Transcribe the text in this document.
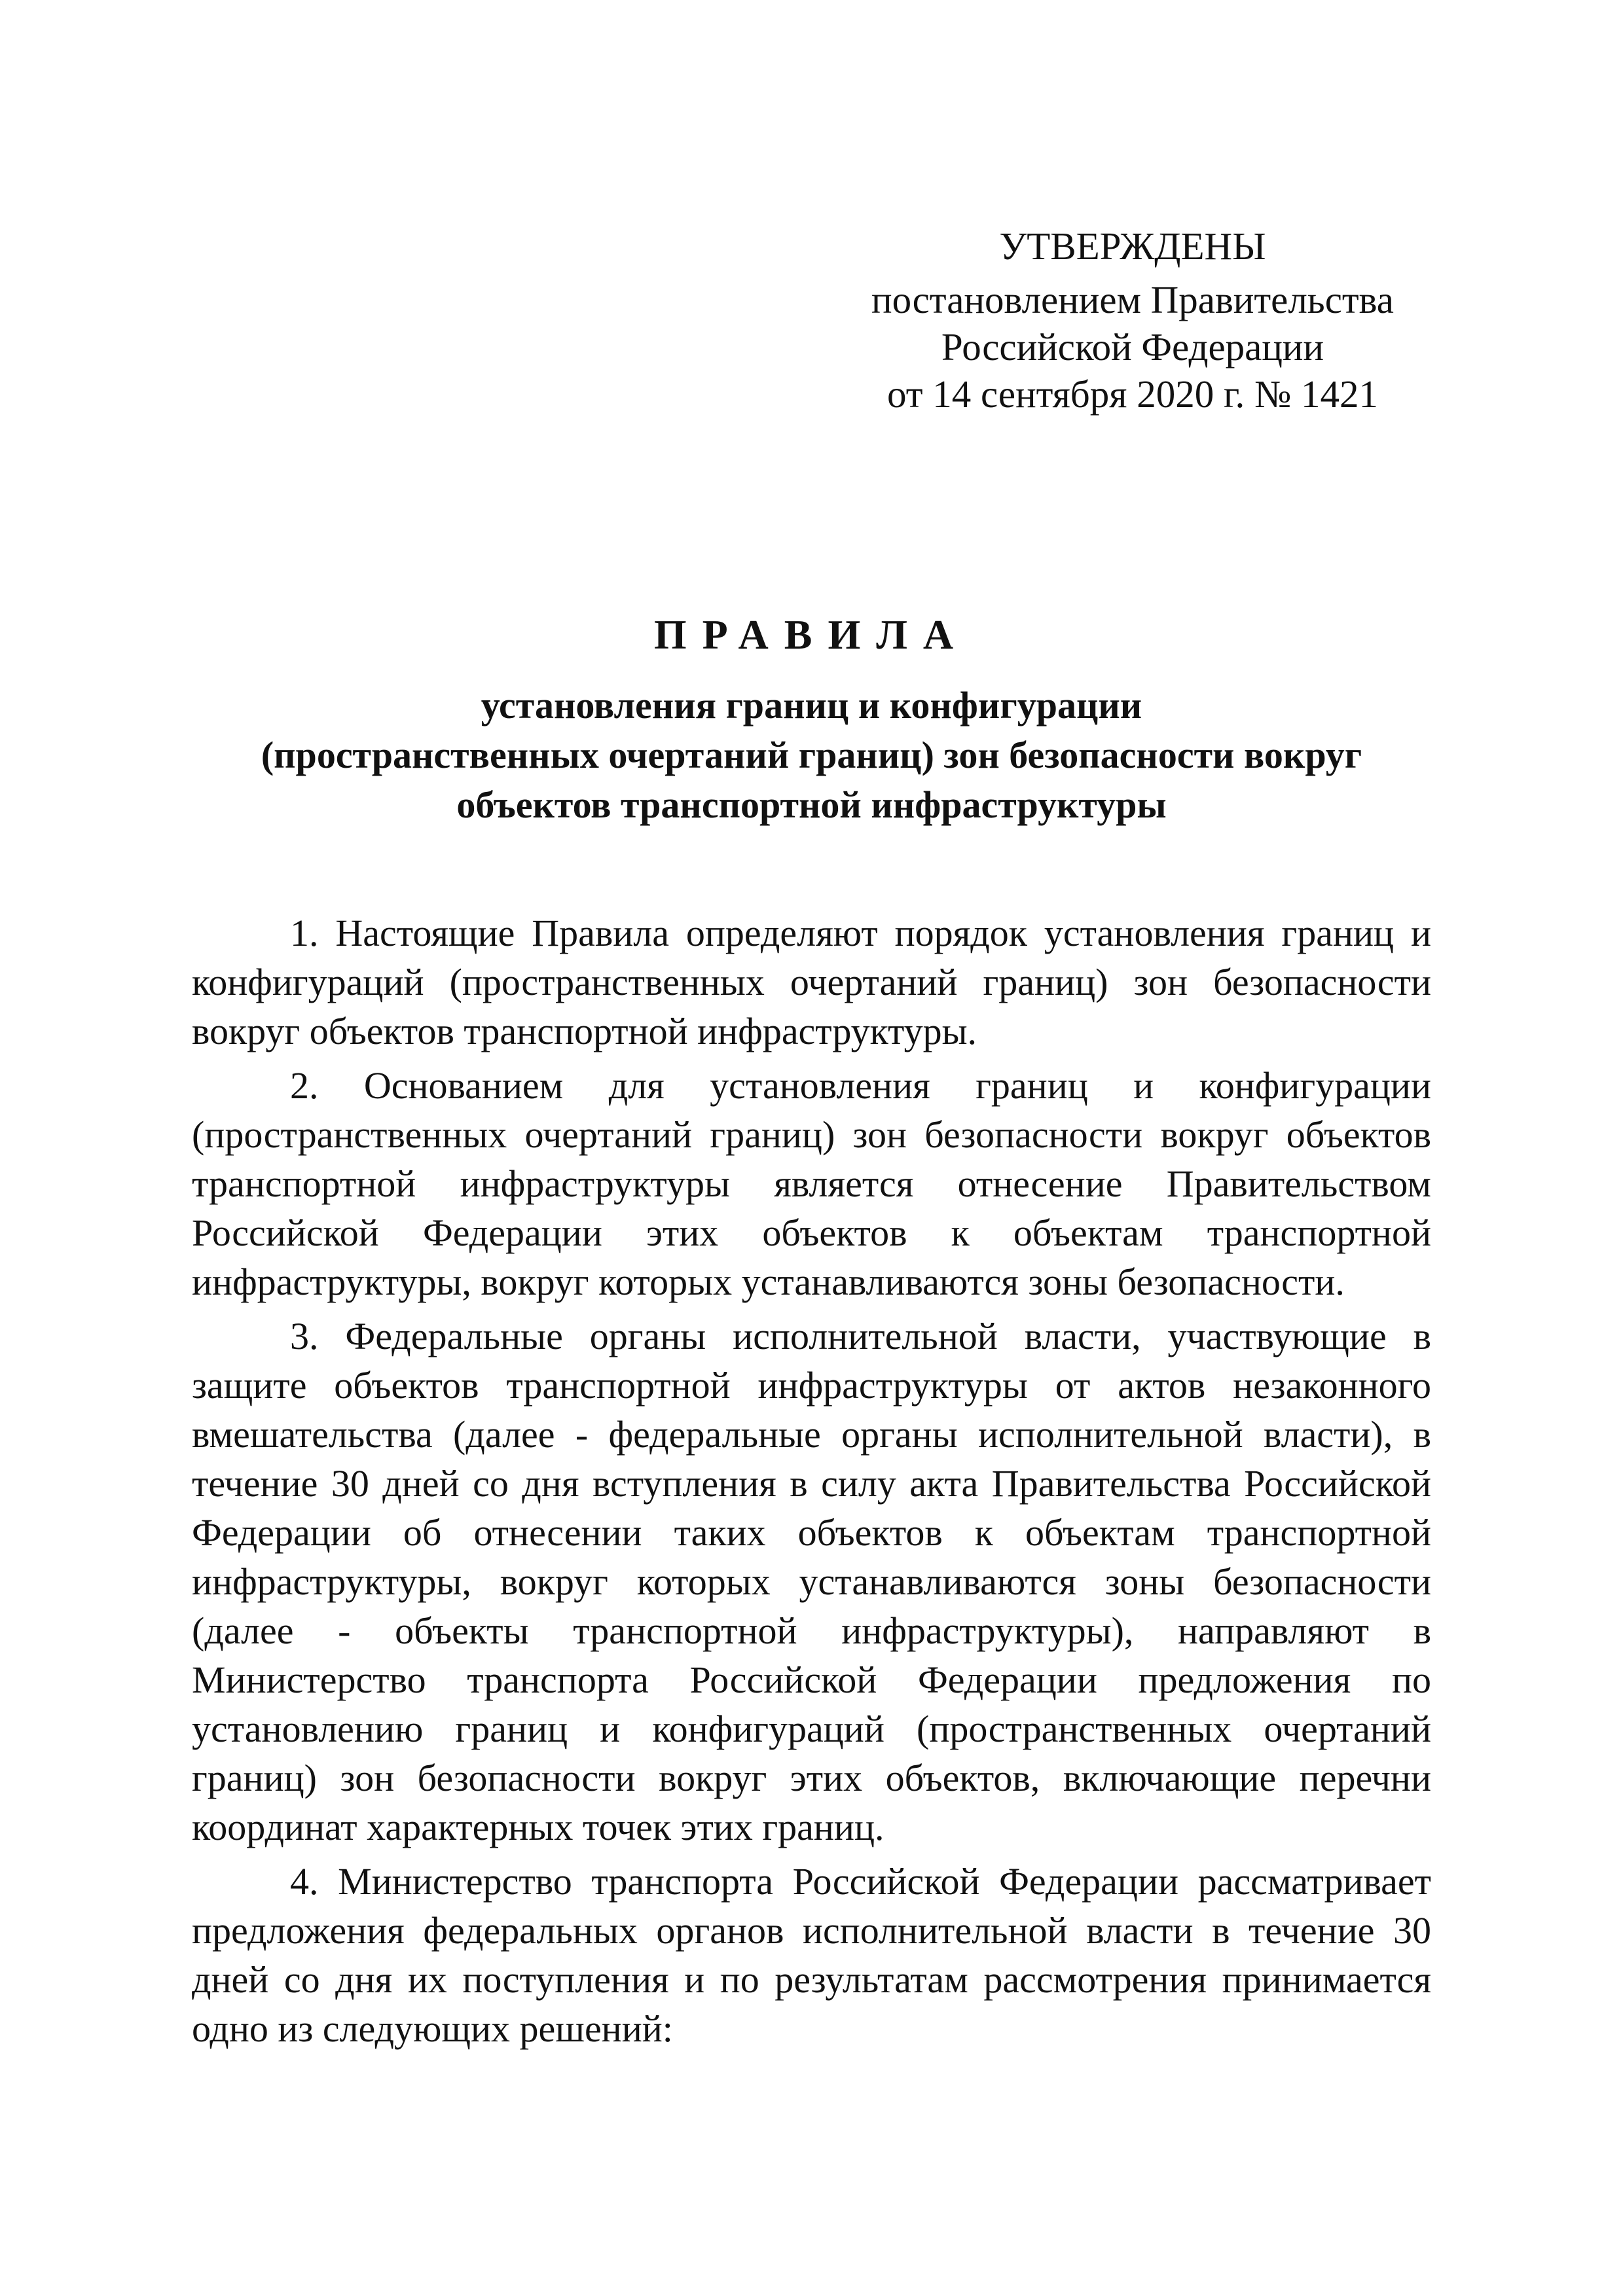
УТВЕРЖДЕНЫ
постановлением Правительства
Российской Федерации
от 14 сентября 2020 г. № 1421
ПРАВИЛА
установления границ и конфигурации
(пространственных очертаний границ) зон безопасности вокруг
объектов транспортной инфраструктуры

1. Настоящие Правила определяют порядок установления границ и конфигураций (пространственных очертаний границ) зон безопасности вокруг объектов транспортной инфраструктуры.

2. Основанием для установления границ и конфигурации (пространственных очертаний границ) зон безопасности вокруг объектов транспортной инфраструктуры является отнесение Правительством Российской Федерации этих объектов к объектам транспортной инфраструктуры, вокруг которых устанавливаются зоны безопасности.

3. Федеральные органы исполнительной власти, участвующие в защите объектов транспортной инфраструктуры от актов незаконного вмешательства (далее - федеральные органы исполнительной власти), в течение 30 дней со дня вступления в силу акта Правительства Российской Федерации об отнесении таких объектов к объектам транспортной инфраструктуры, вокруг которых устанавливаются зоны безопасности (далее - объекты транспортной инфраструктуры), направляют в Министерство транспорта Российской Федерации предложения по установлению границ и конфигураций (пространственных очертаний границ) зон безопасности вокруг этих объектов, включающие перечни координат характерных точек этих границ.

4. Министерство транспорта Российской Федерации рассматривает предложения федеральных органов исполнительной власти в течение 30 дней со дня их поступления и по результатам рассмотрения принимается одно из следующих решений:
